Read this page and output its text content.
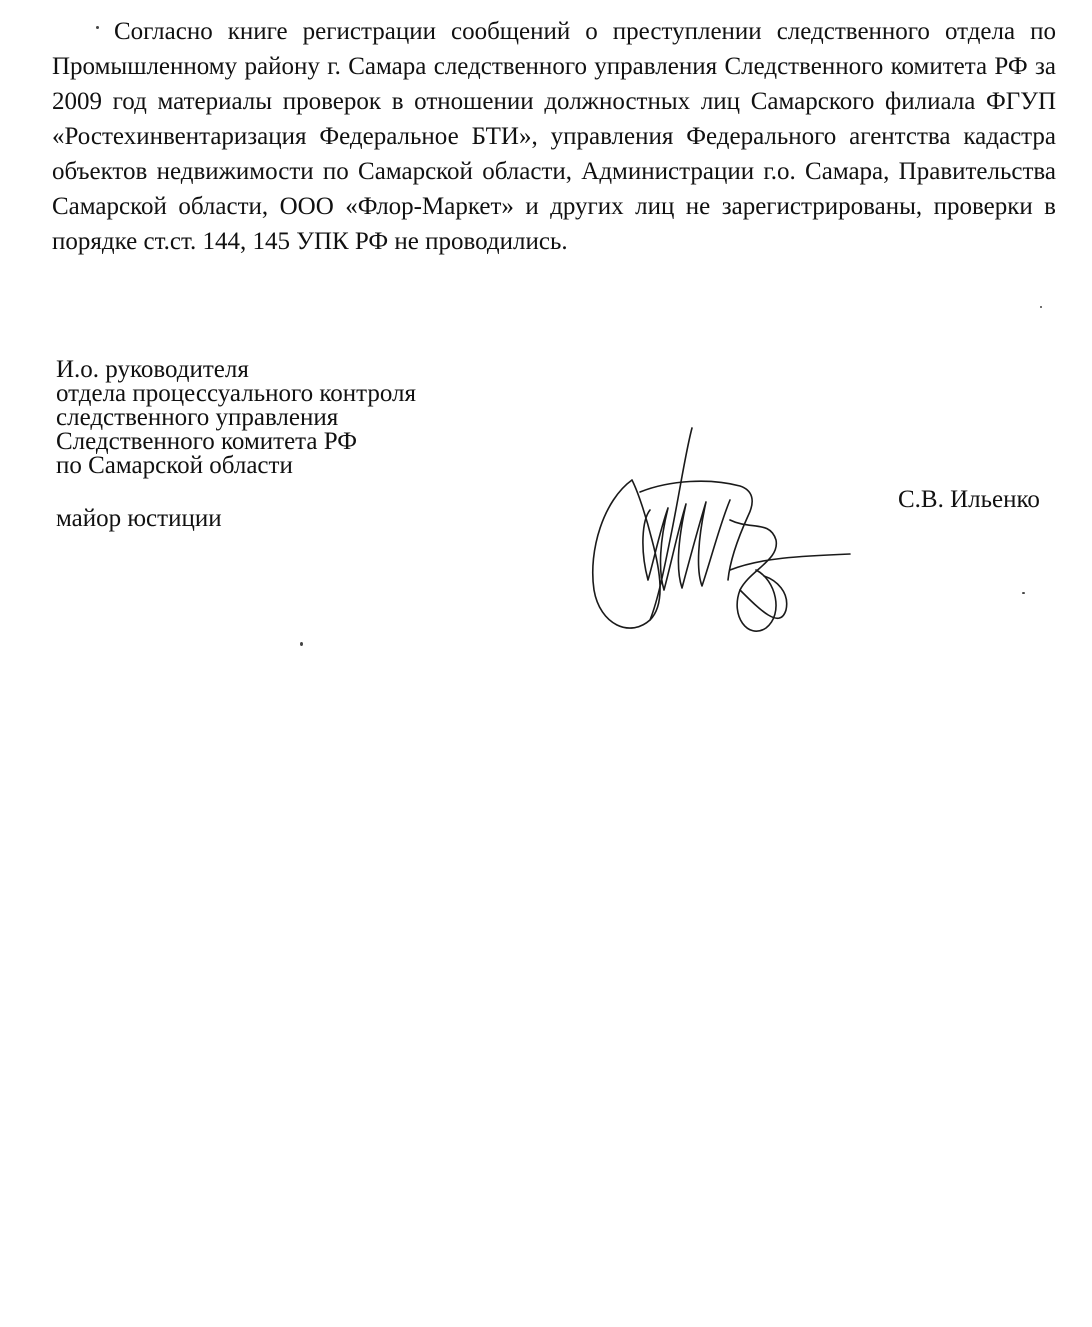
Согласно книге регистрации сообщений о преступлении следственного отдела по Промышленному району г. Самара следственного управления Следственного комитета РФ за 2009 год материалы проверок в отношении должностных лиц Самарского филиала ФГУП «Ростехинвентаризация Федеральное БТИ», управления Федерального агентства кадастра объектов недвижимости по Самарской области, Администрации г.о. Самара, Правительства Самарской области, ООО «Флор-Маркет» и других лиц не зарегистрированы, проверки в порядке ст.ст. 144, 145 УПК РФ не проводились.

И.о. руководителя
отдела процессуального контроля
следственного управления
Следственного комитета РФ
по Самарской области
майор юстиции
С.В. Ильенко
